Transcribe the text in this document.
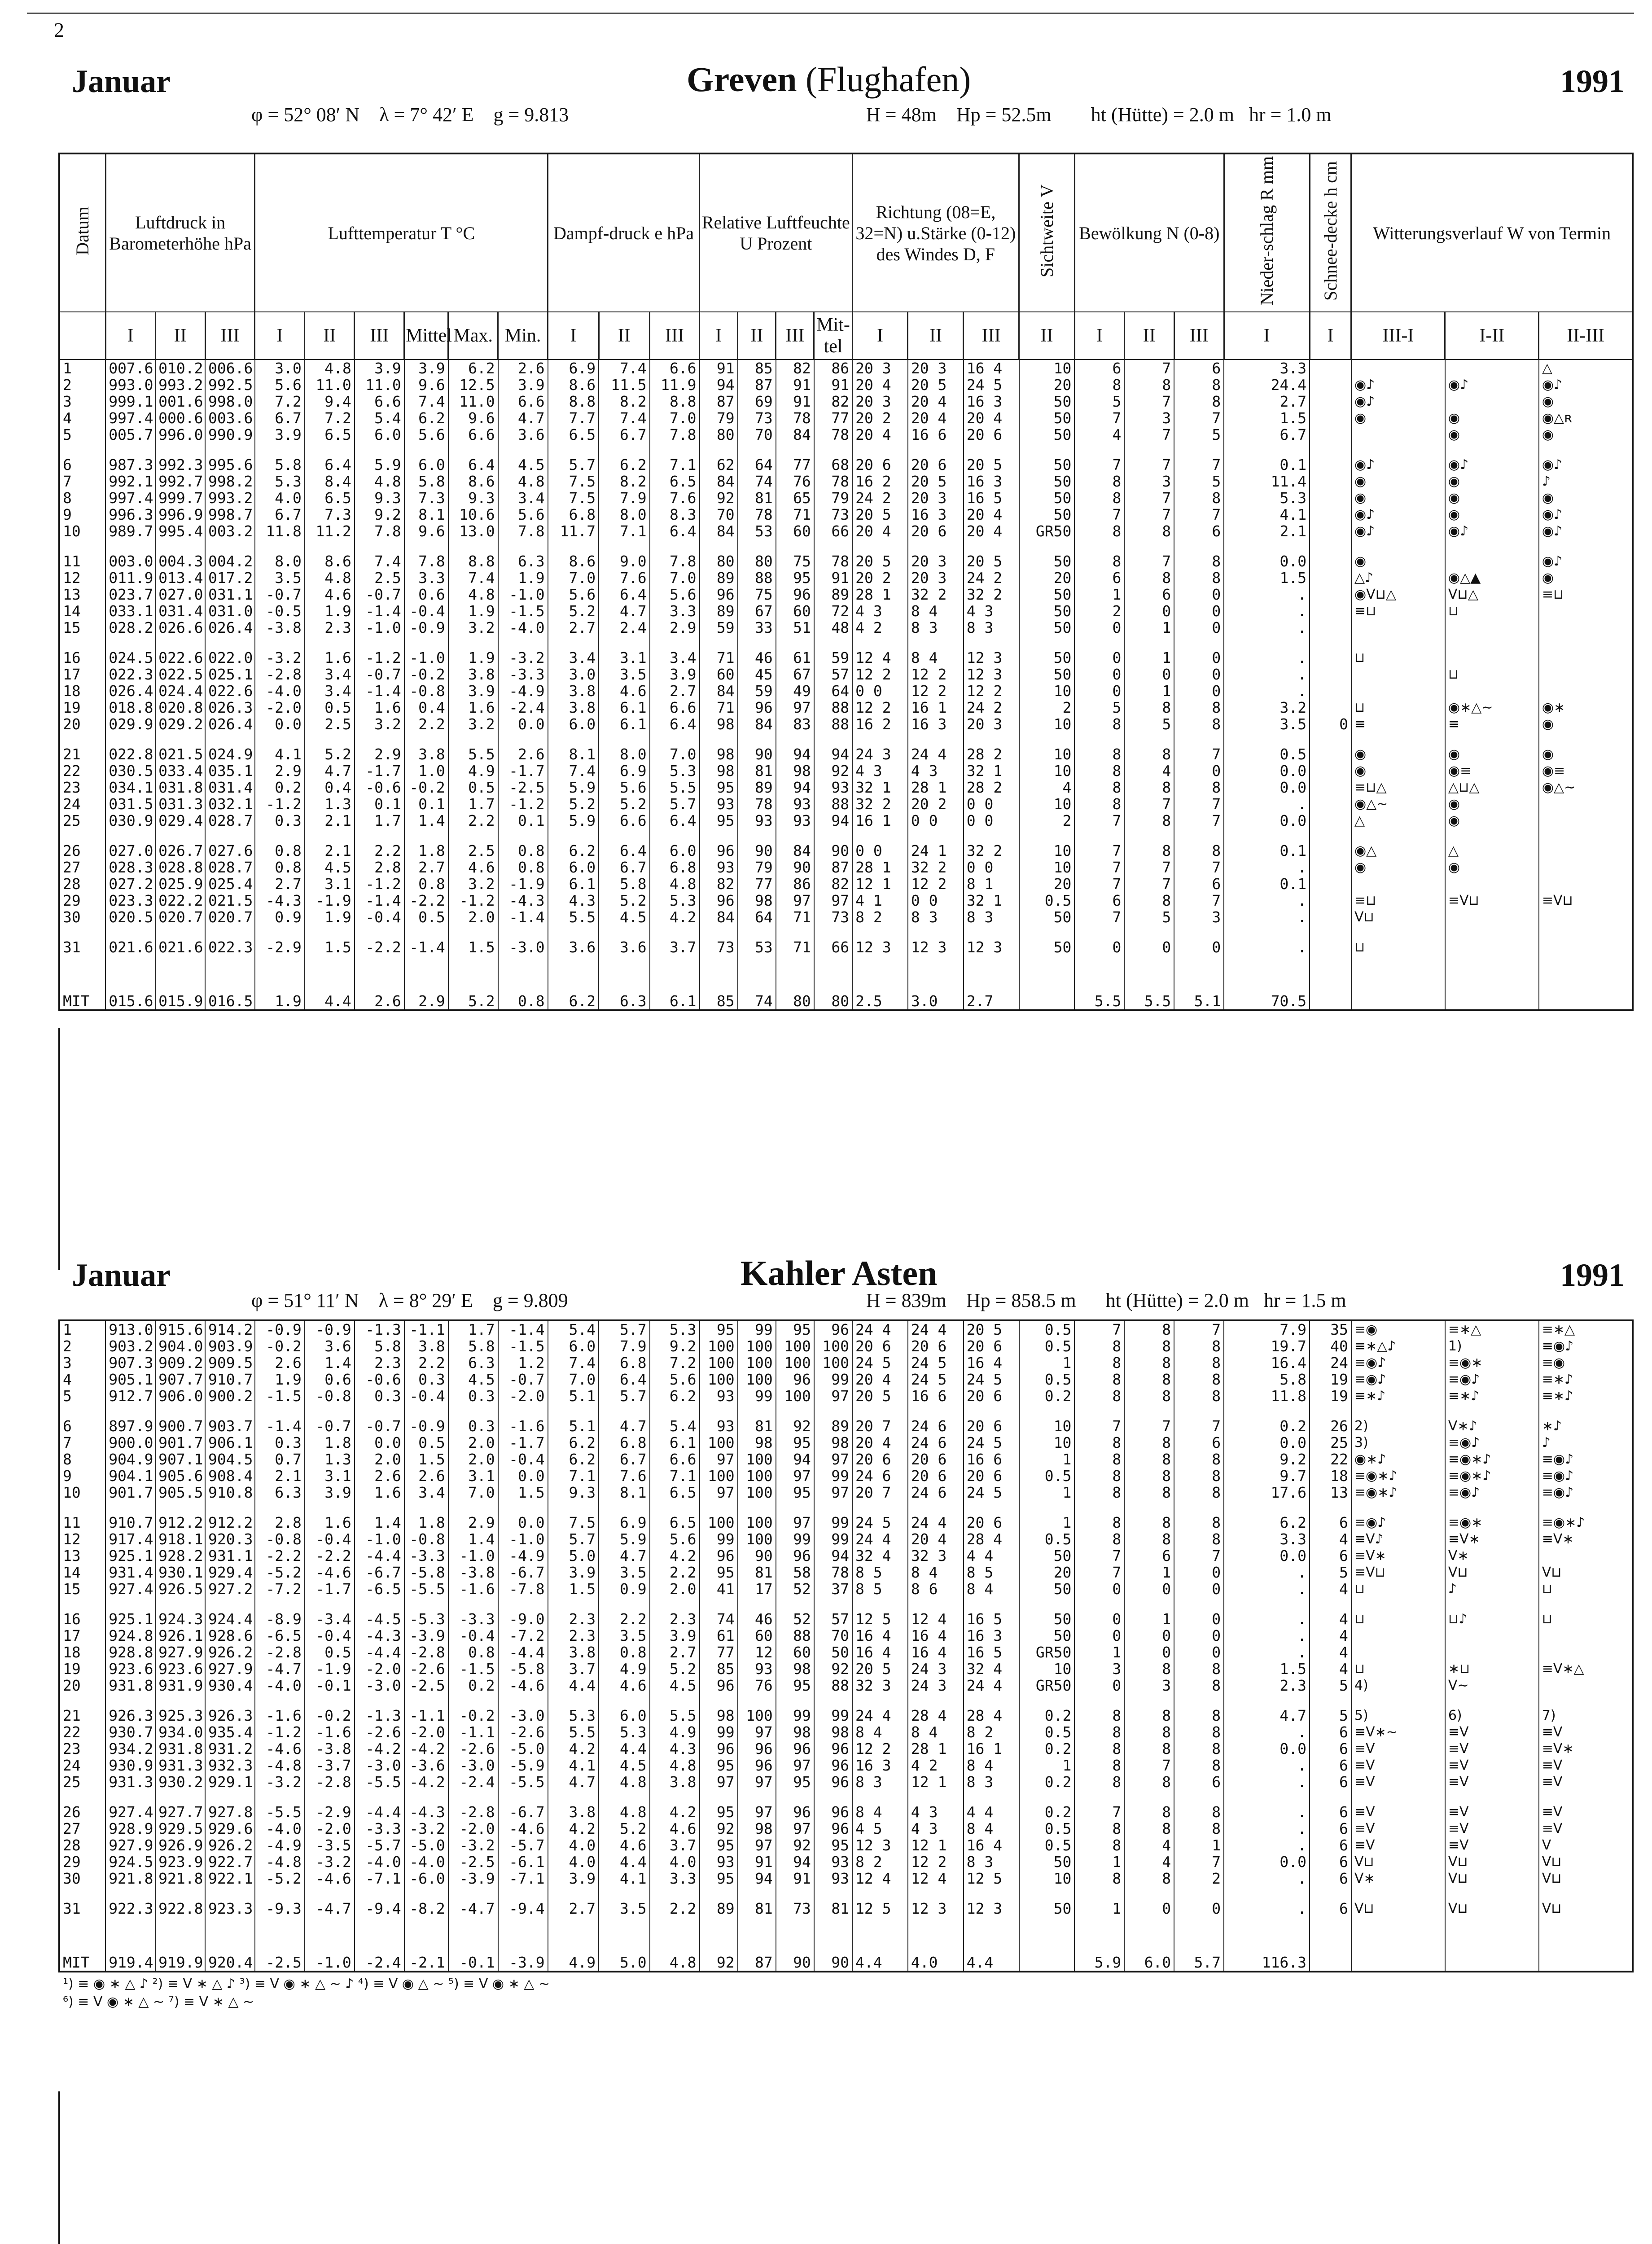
2
Januar	Greven (Flughafen)	1991
φ = 52° 08′ N    λ = 7° 42′ E    g = 9.813	H = 48m    Hp = 52.5m        ht (Hütte) = 2.0 m   hr = 1.0 m
Datum	Luftdruck in Barometerhöhe hPa			Lufttemperatur T °C						Dampf-druck e hPa			Relative Luftfeuchte U Prozent				Richtung (08=E, 32=N) u.Stärke (0-12) des Windes D, F			Sichtweite V	Bewölkung N (0-8)			Nieder-schlag R mm	Schnee-decke h cm	Witterungsverlauf W von Termin		
	I	II	III	I	II	III	Mittel	Max.	Min.	I	II	III	I	II	III	Mit-tel	I	II	III	II	I	II	III	I	I	III-I	I-II	II-III
1	007.6	010.2	006.6	3.0	4.8	3.9	3.9	6.2	2.6	6.9	7.4	6.6	91	85	82	86	20 3	20 3	16 4	10	6	7	6	3.3				△
2	993.0	993.2	992.5	5.6	11.0	11.0	9.6	12.5	3.9	8.6	11.5	11.9	94	87	91	91	20 4	20 5	24 5	20	8	8	8	24.4		◉♪	◉♪	◉♪
3	999.1	001.6	998.0	7.2	9.4	6.6	7.4	11.0	6.6	8.8	8.2	8.8	87	69	91	82	20 3	20 4	16 3	50	5	7	8	2.7		◉♪		◉
4	997.4	000.6	003.6	6.7	7.2	5.4	6.2	9.6	4.7	7.7	7.4	7.0	79	73	78	77	20 2	20 4	20 4	50	7	3	7	1.5		◉	◉	◉△ʀ
5	005.7	996.0	990.9	3.9	6.5	6.0	5.6	6.6	3.6	6.5	6.7	7.8	80	70	84	78	20 4	16 6	20 6	50	4	7	5	6.7			◉	◉

6	987.3	992.3	995.6	5.8	6.4	5.9	6.0	6.4	4.5	5.7	6.2	7.1	62	64	77	68	20 6	20 6	20 5	50	7	7	7	0.1		◉♪	◉♪	◉♪
7	992.1	992.7	998.2	5.3	8.4	4.8	5.8	8.6	4.8	7.5	8.2	6.5	84	74	76	78	16 2	20 5	16 3	50	8	3	5	11.4		◉	◉	♪
8	997.4	999.7	993.2	4.0	6.5	9.3	7.3	9.3	3.4	7.5	7.9	7.6	92	81	65	79	24 2	20 3	16 5	50	8	7	8	5.3		◉	◉	◉
9	996.3	996.9	998.7	6.7	7.3	9.2	8.1	10.6	5.6	6.8	8.0	8.3	70	78	71	73	20 5	16 3	20 4	50	7	7	7	4.1		◉♪	◉	◉♪
10	989.7	995.4	003.2	11.8	11.2	7.8	9.6	13.0	7.8	11.7	7.1	6.4	84	53	60	66	20 4	20 6	20 4	GR50	8	8	6	2.1		◉♪	◉♪	◉♪

11	003.0	004.3	004.2	8.0	8.6	7.4	7.8	8.8	6.3	8.6	9.0	7.8	80	80	75	78	20 5	20 3	20 5	50	8	7	8	0.0		◉		◉♪
12	011.9	013.4	017.2	3.5	4.8	2.5	3.3	7.4	1.9	7.0	7.6	7.0	89	88	95	91	20 2	20 3	24 2	20	6	8	8	1.5		△♪	◉△▲	◉
13	023.7	027.0	031.1	-0.7	4.6	-0.7	0.6	4.8	-1.0	5.6	6.4	5.6	96	75	96	89	28 1	32 2	32 2	50	1	6	0	.		◉V⊔△	V⊔△	≡⊔
14	033.1	031.4	031.0	-0.5	1.9	-1.4	-0.4	1.9	-1.5	5.2	4.7	3.3	89	67	60	72	4 3	8 4	4 3	50	2	0	0	.		≡⊔	⊔	
15	028.2	026.6	026.4	-3.8	2.3	-1.0	-0.9	3.2	-4.0	2.7	2.4	2.9	59	33	51	48	4 2	8 3	8 3	50	0	1	0	.				

16	024.5	022.6	022.0	-3.2	1.6	-1.2	-1.0	1.9	-3.2	3.4	3.1	3.4	71	46	61	59	12 4	8 4	12 3	50	0	1	0	.		⊔		
17	022.3	022.5	025.1	-2.8	3.4	-0.7	-0.2	3.8	-3.3	3.0	3.5	3.9	60	45	67	57	12 2	12 2	12 3	50	0	0	0	.			⊔	
18	026.4	024.4	022.6	-4.0	3.4	-1.4	-0.8	3.9	-4.9	3.8	4.6	2.7	84	59	49	64	0 0	12 2	12 2	10	0	1	0	.				
19	018.8	020.8	026.3	-2.0	0.5	1.6	0.4	1.6	-2.4	3.8	6.1	6.6	71	96	97	88	12 2	16 1	24 2	2	5	8	8	3.2		⊔	◉∗△∼	◉∗
20	029.9	029.2	026.4	0.0	2.5	3.2	2.2	3.2	0.0	6.0	6.1	6.4	98	84	83	88	16 2	16 3	20 3	10	8	5	8	3.5	0	≡	≡	◉

21	022.8	021.5	024.9	4.1	5.2	2.9	3.8	5.5	2.6	8.1	8.0	7.0	98	90	94	94	24 3	24 4	28 2	10	8	8	7	0.5		◉	◉	◉
22	030.5	033.4	035.1	2.9	4.7	-1.7	1.0	4.9	-1.7	7.4	6.9	5.3	98	81	98	92	4 3	4 3	32 1	10	8	4	0	0.0		◉	◉≡	◉≡
23	034.1	031.8	031.4	0.2	0.4	-0.6	-0.2	0.5	-2.5	5.9	5.6	5.5	95	89	94	93	32 1	28 1	28 2	4	8	8	8	0.0		≡⊔△	△⊔△	◉△∼
24	031.5	031.3	032.1	-1.2	1.3	0.1	0.1	1.7	-1.2	5.2	5.2	5.7	93	78	93	88	32 2	20 2	0 0	10	8	7	7	.		◉△∼	◉	
25	030.9	029.4	028.7	0.3	2.1	1.7	1.4	2.2	0.1	5.9	6.6	6.4	95	93	93	94	16 1	0 0	0 0	2	7	8	7	0.0		△	◉	

26	027.0	026.7	027.6	0.8	2.1	2.2	1.8	2.5	0.8	6.2	6.4	6.0	96	90	84	90	0 0	24 1	32 2	10	7	8	8	0.1		◉△	△	
27	028.3	028.8	028.7	0.8	4.5	2.8	2.7	4.6	0.8	6.0	6.7	6.8	93	79	90	87	28 1	32 2	0 0	10	7	7	7	.		◉	◉	
28	027.2	025.9	025.4	2.7	3.1	-1.2	0.8	3.2	-1.9	6.1	5.8	4.8	82	77	86	82	12 1	12 2	8 1	20	7	7	6	0.1				
29	023.3	022.2	021.5	-4.3	-1.9	-1.4	-2.2	-1.2	-4.3	4.3	5.2	5.3	96	98	97	97	4 1	0 0	32 1	0.5	6	8	7	.		≡⊔	≡V⊔	≡V⊔
30	020.5	020.7	020.7	0.9	1.9	-0.4	0.5	2.0	-1.4	5.5	4.5	4.2	84	64	71	73	8 2	8 3	8 3	50	7	5	3	.		V⊔		

31	021.6	021.6	022.3	-2.9	1.5	-2.2	-1.4	1.5	-3.0	3.6	3.6	3.7	73	53	71	66	12 3	12 3	12 3	50	0	0	0	.		⊔		

MIT	015.6	015.9	016.5	1.9	4.4	2.6	2.9	5.2	0.8	6.2	6.3	6.1	85	74	80	80	2.5	3.0	2.7		5.5	5.5	5.1	70.5				
Januar	Kahler Asten	1991
φ = 51° 11′ N    λ = 8° 29′ E    g = 9.809	H = 839m    Hp = 858.5 m      ht (Hütte) = 2.0 m   hr = 1.5 m
1	913.0	915.6	914.2	-0.9	-0.9	-1.3	-1.1	1.7	-1.4	5.4	5.7	5.3	95	99	95	96	24 4	24 4	20 5	0.5	7	8	7	7.9	35	≡◉	≡∗△	≡∗△
2	903.2	904.0	903.9	-0.2	3.6	5.8	3.8	5.8	-1.5	6.0	7.9	9.2	100	100	100	100	20 6	20 6	20 6	0.5	8	8	8	19.7	40	≡∗△♪	1)	≡◉♪
3	907.3	909.2	909.5	2.6	1.4	2.3	2.2	6.3	1.2	7.4	6.8	7.2	100	100	100	100	24 5	24 5	16 4	1	8	8	8	16.4	24	≡◉♪	≡◉∗	≡◉
4	905.1	907.7	910.7	1.9	0.6	-0.6	0.3	4.5	-0.7	7.0	6.4	5.6	100	100	96	99	20 4	24 5	24 5	0.5	8	8	8	5.8	19	≡◉♪	≡◉♪	≡∗♪
5	912.7	906.0	900.2	-1.5	-0.8	0.3	-0.4	0.3	-2.0	5.1	5.7	6.2	93	99	100	97	20 5	16 6	20 6	0.2	8	8	8	11.8	19	≡∗♪	≡∗♪	≡∗♪

6	897.9	900.7	903.7	-1.4	-0.7	-0.7	-0.9	0.3	-1.6	5.1	4.7	5.4	93	81	92	89	20 7	24 6	20 6	10	7	7	7	0.2	26	2)	V∗♪	∗♪
7	900.0	901.7	906.1	0.3	1.8	0.0	0.5	2.0	-1.7	6.2	6.8	6.1	100	98	95	98	20 4	24 6	24 5	10	8	8	6	0.0	25	3)	≡◉♪	♪
8	904.9	907.1	904.5	0.7	1.3	2.0	1.5	2.0	-0.4	6.2	6.7	6.6	97	100	94	97	20 6	20 6	16 6	1	8	8	8	9.2	22	◉∗♪	≡◉∗♪	≡◉♪
9	904.1	905.6	908.4	2.1	3.1	2.6	2.6	3.1	0.0	7.1	7.6	7.1	100	100	97	99	24 6	20 6	20 6	0.5	8	8	8	9.7	18	≡◉∗♪	≡◉∗♪	≡◉♪
10	901.7	905.5	910.8	6.3	3.9	1.6	3.4	7.0	1.5	9.3	8.1	6.5	97	100	95	97	20 7	24 6	24 5	1	8	8	8	17.6	13	≡◉∗♪	≡◉♪	≡◉♪

11	910.7	912.2	912.2	2.8	1.6	1.4	1.8	2.9	0.0	7.5	6.9	6.5	100	100	97	99	24 5	24 4	20 6	1	8	8	8	6.2	6	≡◉♪	≡◉∗	≡◉∗♪
12	917.4	918.1	920.3	-0.8	-0.4	-1.0	-0.8	1.4	-1.0	5.7	5.9	5.6	99	100	99	99	24 4	20 4	28 4	0.5	8	8	8	3.3	4	≡V♪	≡V∗	≡V∗
13	925.1	928.2	931.1	-2.2	-2.2	-4.4	-3.3	-1.0	-4.9	5.0	4.7	4.2	96	90	96	94	32 4	32 3	4 4	50	7	6	7	0.0	6	≡V∗	V∗	
14	931.4	930.1	929.4	-5.2	-4.6	-6.7	-5.8	-3.8	-6.7	3.9	3.5	2.2	95	81	58	78	8 5	8 4	8 5	20	7	1	0	.	5	≡V⊔	V⊔	V⊔
15	927.4	926.5	927.2	-7.2	-1.7	-6.5	-5.5	-1.6	-7.8	1.5	0.9	2.0	41	17	52	37	8 5	8 6	8 4	50	0	0	0	.	4	⊔	♪	⊔

16	925.1	924.3	924.4	-8.9	-3.4	-4.5	-5.3	-3.3	-9.0	2.3	2.2	2.3	74	46	52	57	12 5	12 4	16 5	50	0	1	0	.	4	⊔	⊔♪	⊔
17	924.8	926.1	928.6	-6.5	-0.4	-4.3	-3.9	-0.4	-7.2	2.3	3.5	3.9	61	60	88	70	16 4	16 4	16 3	50	0	0	0	.	4			
18	928.8	927.9	926.2	-2.8	0.5	-4.4	-2.8	0.8	-4.4	3.8	0.8	2.7	77	12	60	50	16 4	16 4	16 5	GR50	1	0	0	.	4			
19	923.6	923.6	927.9	-4.7	-1.9	-2.0	-2.6	-1.5	-5.8	3.7	4.9	5.2	85	93	98	92	20 5	24 3	32 4	10	3	8	8	1.5	4	⊔	∗⊔	≡V∗△
20	931.8	931.9	930.4	-4.0	-0.1	-3.0	-2.5	0.2	-4.6	4.4	4.6	4.5	96	76	95	88	32 3	24 3	24 4	GR50	0	3	8	2.3	5	4)	V∼	

21	926.3	925.3	926.3	-1.6	-0.2	-1.3	-1.1	-0.2	-3.0	5.3	6.0	5.5	98	100	99	99	24 4	28 4	28 4	0.2	8	8	8	4.7	5	5)	6)	7)
22	930.7	934.0	935.4	-1.2	-1.6	-2.6	-2.0	-1.1	-2.6	5.5	5.3	4.9	99	97	98	98	8 4	8 4	8 2	0.5	8	8	8	.	6	≡V∗∼	≡V	≡V
23	934.2	931.8	931.2	-4.6	-3.8	-4.2	-4.2	-2.6	-5.0	4.2	4.4	4.3	96	96	96	96	12 2	28 1	16 1	0.2	8	8	8	0.0	6	≡V	≡V	≡V∗
24	930.9	931.3	932.3	-4.8	-3.7	-3.0	-3.6	-3.0	-5.9	4.1	4.5	4.8	95	96	97	96	16 3	4 2	8 4	1	8	7	8	.	6	≡V	≡V	≡V
25	931.3	930.2	929.1	-3.2	-2.8	-5.5	-4.2	-2.4	-5.5	4.7	4.8	3.8	97	97	95	96	8 3	12 1	8 3	0.2	8	8	6	.	6	≡V	≡V	≡V

26	927.4	927.7	927.8	-5.5	-2.9	-4.4	-4.3	-2.8	-6.7	3.8	4.8	4.2	95	97	96	96	8 4	4 3	4 4	0.2	7	8	8	.	6	≡V	≡V	≡V
27	928.9	929.5	929.6	-4.0	-2.0	-3.3	-3.2	-2.0	-4.6	4.2	5.2	4.6	92	98	97	96	4 5	4 3	8 4	0.5	8	8	8	.	6	≡V	≡V	≡V
28	927.9	926.9	926.2	-4.9	-3.5	-5.7	-5.0	-3.2	-5.7	4.0	4.6	3.7	95	97	92	95	12 3	12 1	16 4	0.5	8	4	1	.	6	≡V	≡V	V
29	924.5	923.9	922.7	-4.8	-3.2	-4.0	-4.0	-2.5	-6.1	4.0	4.4	4.0	93	91	94	93	8 2	12 2	8 3	50	1	4	7	0.0	6	V⊔	V⊔	V⊔
30	921.8	921.8	922.1	-5.2	-4.6	-7.1	-6.0	-3.9	-7.1	3.9	4.1	3.3	95	94	91	93	12 4	12 4	12 5	10	8	8	2	.	6	V∗	V⊔	V⊔

31	922.3	922.8	923.3	-9.3	-4.7	-9.4	-8.2	-4.7	-9.4	2.7	3.5	2.2	89	81	73	81	12 5	12 3	12 3	50	1	0	0	.	6	V⊔	V⊔	V⊔

MIT	919.4	919.9	920.4	-2.5	-1.0	-2.4	-2.1	-0.1	-3.9	4.9	5.0	4.8	92	87	90	90	4.4	4.0	4.4		5.9	6.0	5.7	116.3				
¹) ≡ ◉ ∗ △ ♪ ²) ≡ V ∗ △ ♪ ³) ≡ V ◉ ∗ △ ∼ ♪ ⁴) ≡ V ◉ △ ∼ ⁵) ≡ V ◉ ∗ △ ∼
⁶) ≡ V ◉ ∗ △ ∼ ⁷) ≡ V ∗ △ ∼
